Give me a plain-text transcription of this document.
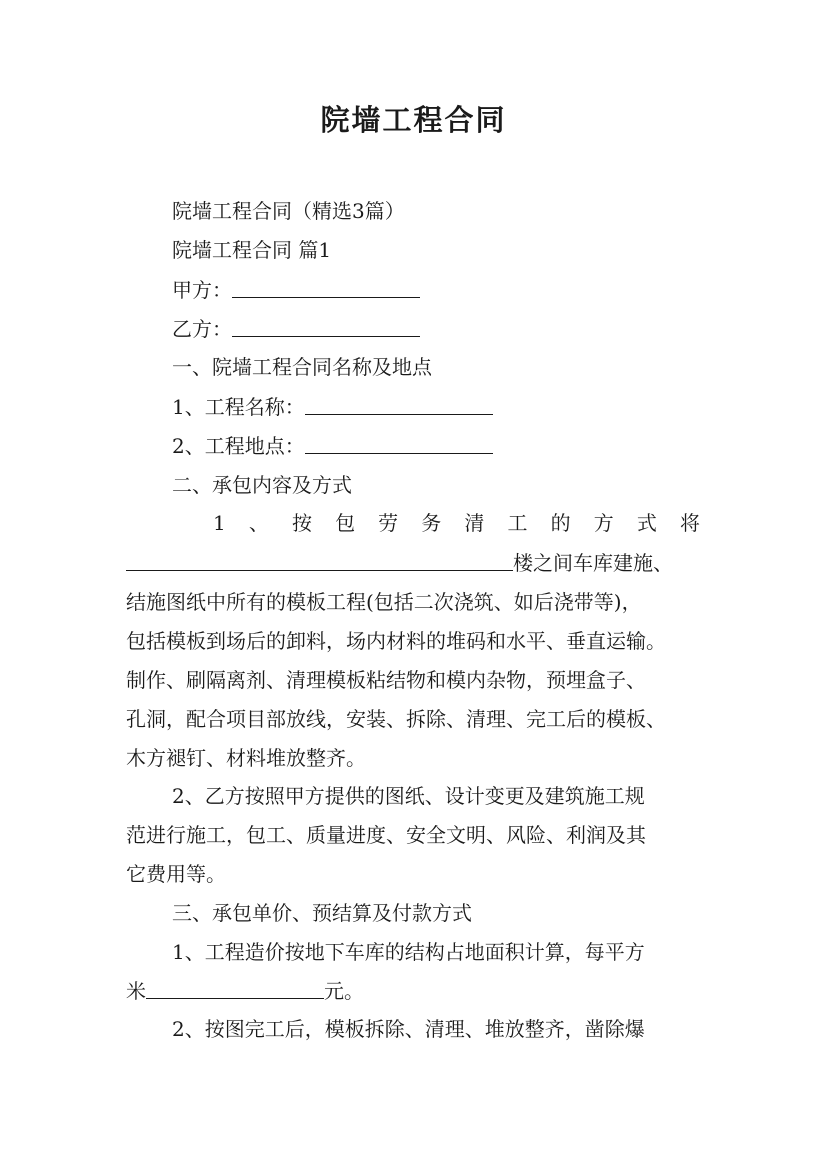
院墙工程合同
院墙工程合同（精选3篇）
院墙工程合同 篇1
甲方：
乙方：
一、院墙工程合同名称及地点
1、工程名称：
2、工程地点：
二、承包内容及方式
1 、 按 包 劳 务 清 工 的 方 式 将
楼之间车库建施、
结施图纸中所有的模板工程(包括二次浇筑、如后浇带等)，
包括模板到场后的卸料，场内材料的堆码和水平、垂直运输。
制作、刷隔离剂、清理模板粘结物和模内杂物，预埋盒子、
孔洞，配合项目部放线，安装、拆除、清理、完工后的模板、
木方褪钉、材料堆放整齐。
2、乙方按照甲方提供的图纸、设计变更及建筑施工规
范进行施工，包工、质量进度、安全文明、风险、利润及其
它费用等。
三、承包单价、预结算及付款方式
1、工程造价按地下车库的结构占地面积计算，每平方
米	元。
2、按图完工后，模板拆除、清理、堆放整齐，凿除爆
